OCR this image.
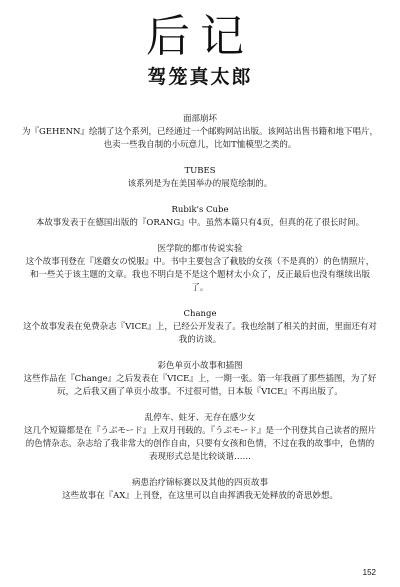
后记
驾笼真太郎

面部崩坏

为『GEHENN』绘制了这个系列，已经通过一个邮购网站出版。该网站出售书籍和地下唱片，也卖一些我自制的小玩意儿，比如T恤模型之类的。

TUBES

该系列是为在美国举办的展览绘制的。

Rubik's Cube

本故事发表于在德国出版的『ORANG』中。虽然本篇只有4页，但真的花了很长时间。

医学院的都市传说实验

这个故事刊登在『迷蘑女の悦服』中。书中主要包含了截肢的女孩（不是真的）的色情照片，和一些关于该主题的文章。我也不明白是不是这个题材太小众了，反正最后也没有继续出版了。

Change

这个故事发表在免费杂志『VICE』上，已经公开发表了。我也绘制了相关的封面，里面还有对我的访谈。

彩色单页小故事和插图

这些作品在『Change』之后发表在『VICE』上，一期一张。第一年我画了那些插图，为了好玩，之后我又画了单页小故事。不过很可惜，日本版『VICE』不再出版了。

乱停车、蛀牙、无存在感少女

这几个短篇都是在『うぶモード』上双月刊载的。『うぶモード』是一个刊登其自己读者的照片的色情杂志。杂志给了我非常大的创作自由，只要有女孩和色情，不过在我的故事中，色情的表现形式总是比较谈谐……

病患治疗锦标赛以及其他的四页故事

这些故事在『AX』上刊登，在这里可以自由挥洒我无处释放的奇思妙想。

152
